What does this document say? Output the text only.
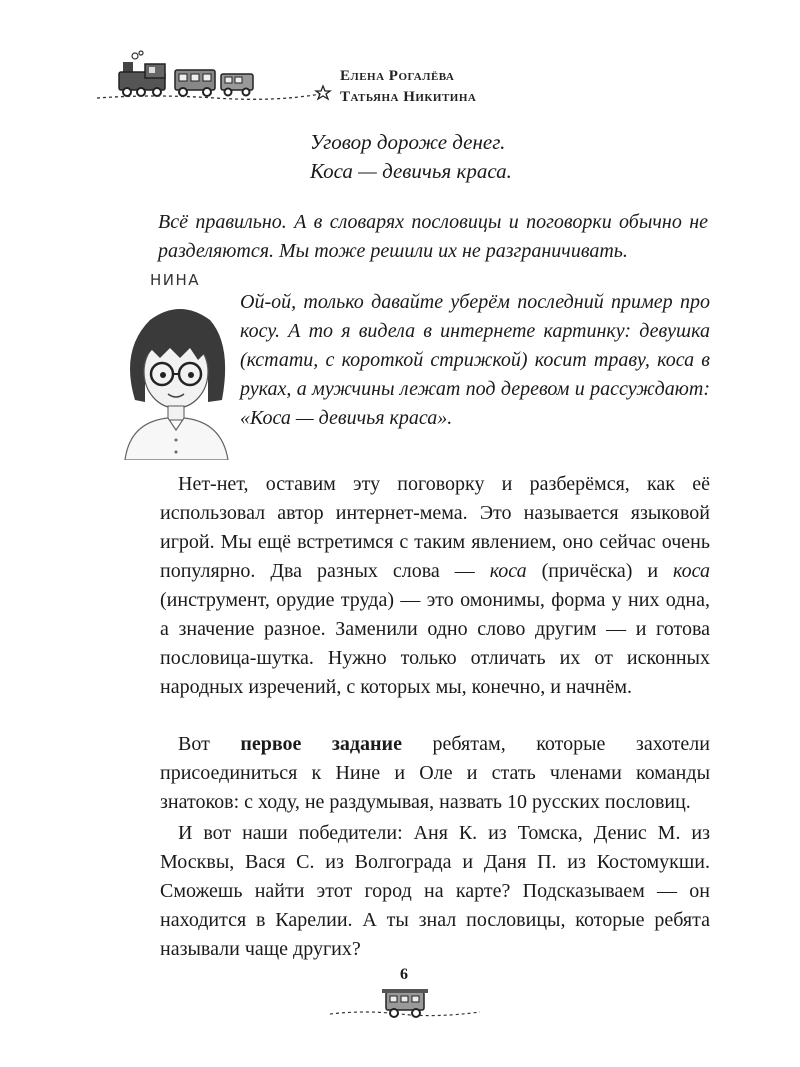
Елена Рогалёва
Татьяна Никитина

Уговор дороже денег.

Коса — девичья краса.

Всё правильно. А в словарях пословицы и поговорки обычно не разделяются. Мы тоже решили их не разграничивать.

НИНА

Ой-ой, только давайте уберём последний пример про косу. А то я видела в интернете картинку: девушка (кстати, с короткой стрижкой) косит траву, коса в руках, а мужчины лежат под деревом и рассуждают: «Коса — девичья краса».

Нет-нет, оставим эту поговорку и разберёмся, как её использовал автор интернет-мема. Это называется языковой игрой. Мы ещё встретимся с таким явлением, оно сейчас очень популярно. Два разных слова — коса (причёска) и коса (инструмент, орудие труда) — это омонимы, форма у них одна, а значение разное. Заменили одно слово другим — и готова пословица-шутка. Нужно только отличать их от исконных народных изречений, с которых мы, конечно, и начнём.

Вот первое задание ребятам, которые захотели присоединиться к Нине и Оле и стать членами команды знатоков: с ходу, не раздумывая, назвать 10 русских пословиц.

И вот наши победители: Аня К. из Томска, Денис М. из Москвы, Вася С. из Волгограда и Даня П. из Костомукши. Сможешь найти этот город на карте? Подсказываем — он находится в Карелии. А ты знал пословицы, которые ребята называли чаще других?

6
